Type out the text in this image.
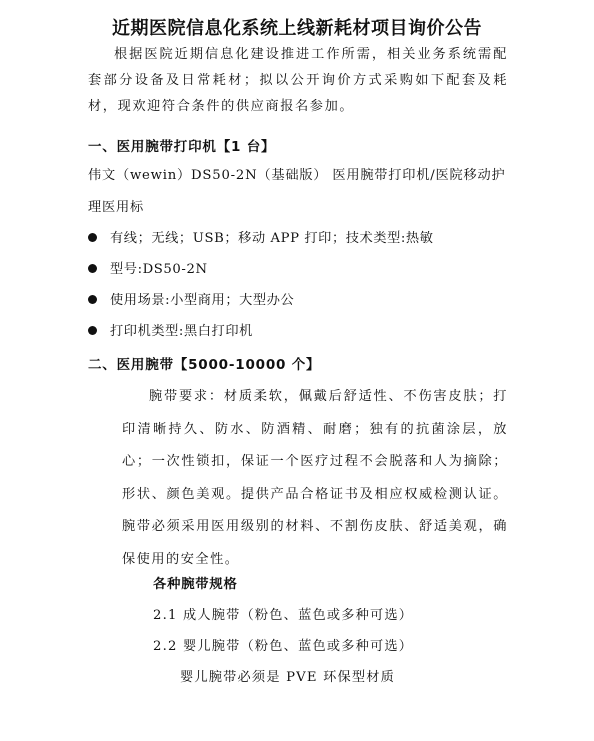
近期医院信息化系统上线新耗材项目询价公告
根据医院近期信息化建设推进工作所需，相关业务系统需配套部分设备及日常耗材；拟以公开询价方式采购如下配套及耗材，现欢迎符合条件的供应商报名参加。
一、医用腕带打印机【1 台】
伟文（wewin）DS50-2N（基础版） 医用腕带打印机/医院移动护理医用标
有线；无线；USB；移动 APP 打印；技术类型:热敏
型号:DS50-2N
使用场景:小型商用；大型办公
打印机类型:黑白打印机
二、医用腕带【5000-10000 个】
腕带要求：材质柔软，佩戴后舒适性、不伤害皮肤；打印清晰持久、防水、防酒精、耐磨；独有的抗菌涂层，放心；一次性锁扣，保证一个医疗过程不会脱落和人为摘除；形状、颜色美观。提供产品合格证书及相应权威检测认证。腕带必须采用医用级别的材料、不割伤皮肤、舒适美观，确保使用的安全性。
各种腕带规格
2.1 成人腕带（粉色、蓝色或多种可选）
2.2 婴儿腕带（粉色、蓝色或多种可选）
婴儿腕带必须是 PVE 环保型材质
